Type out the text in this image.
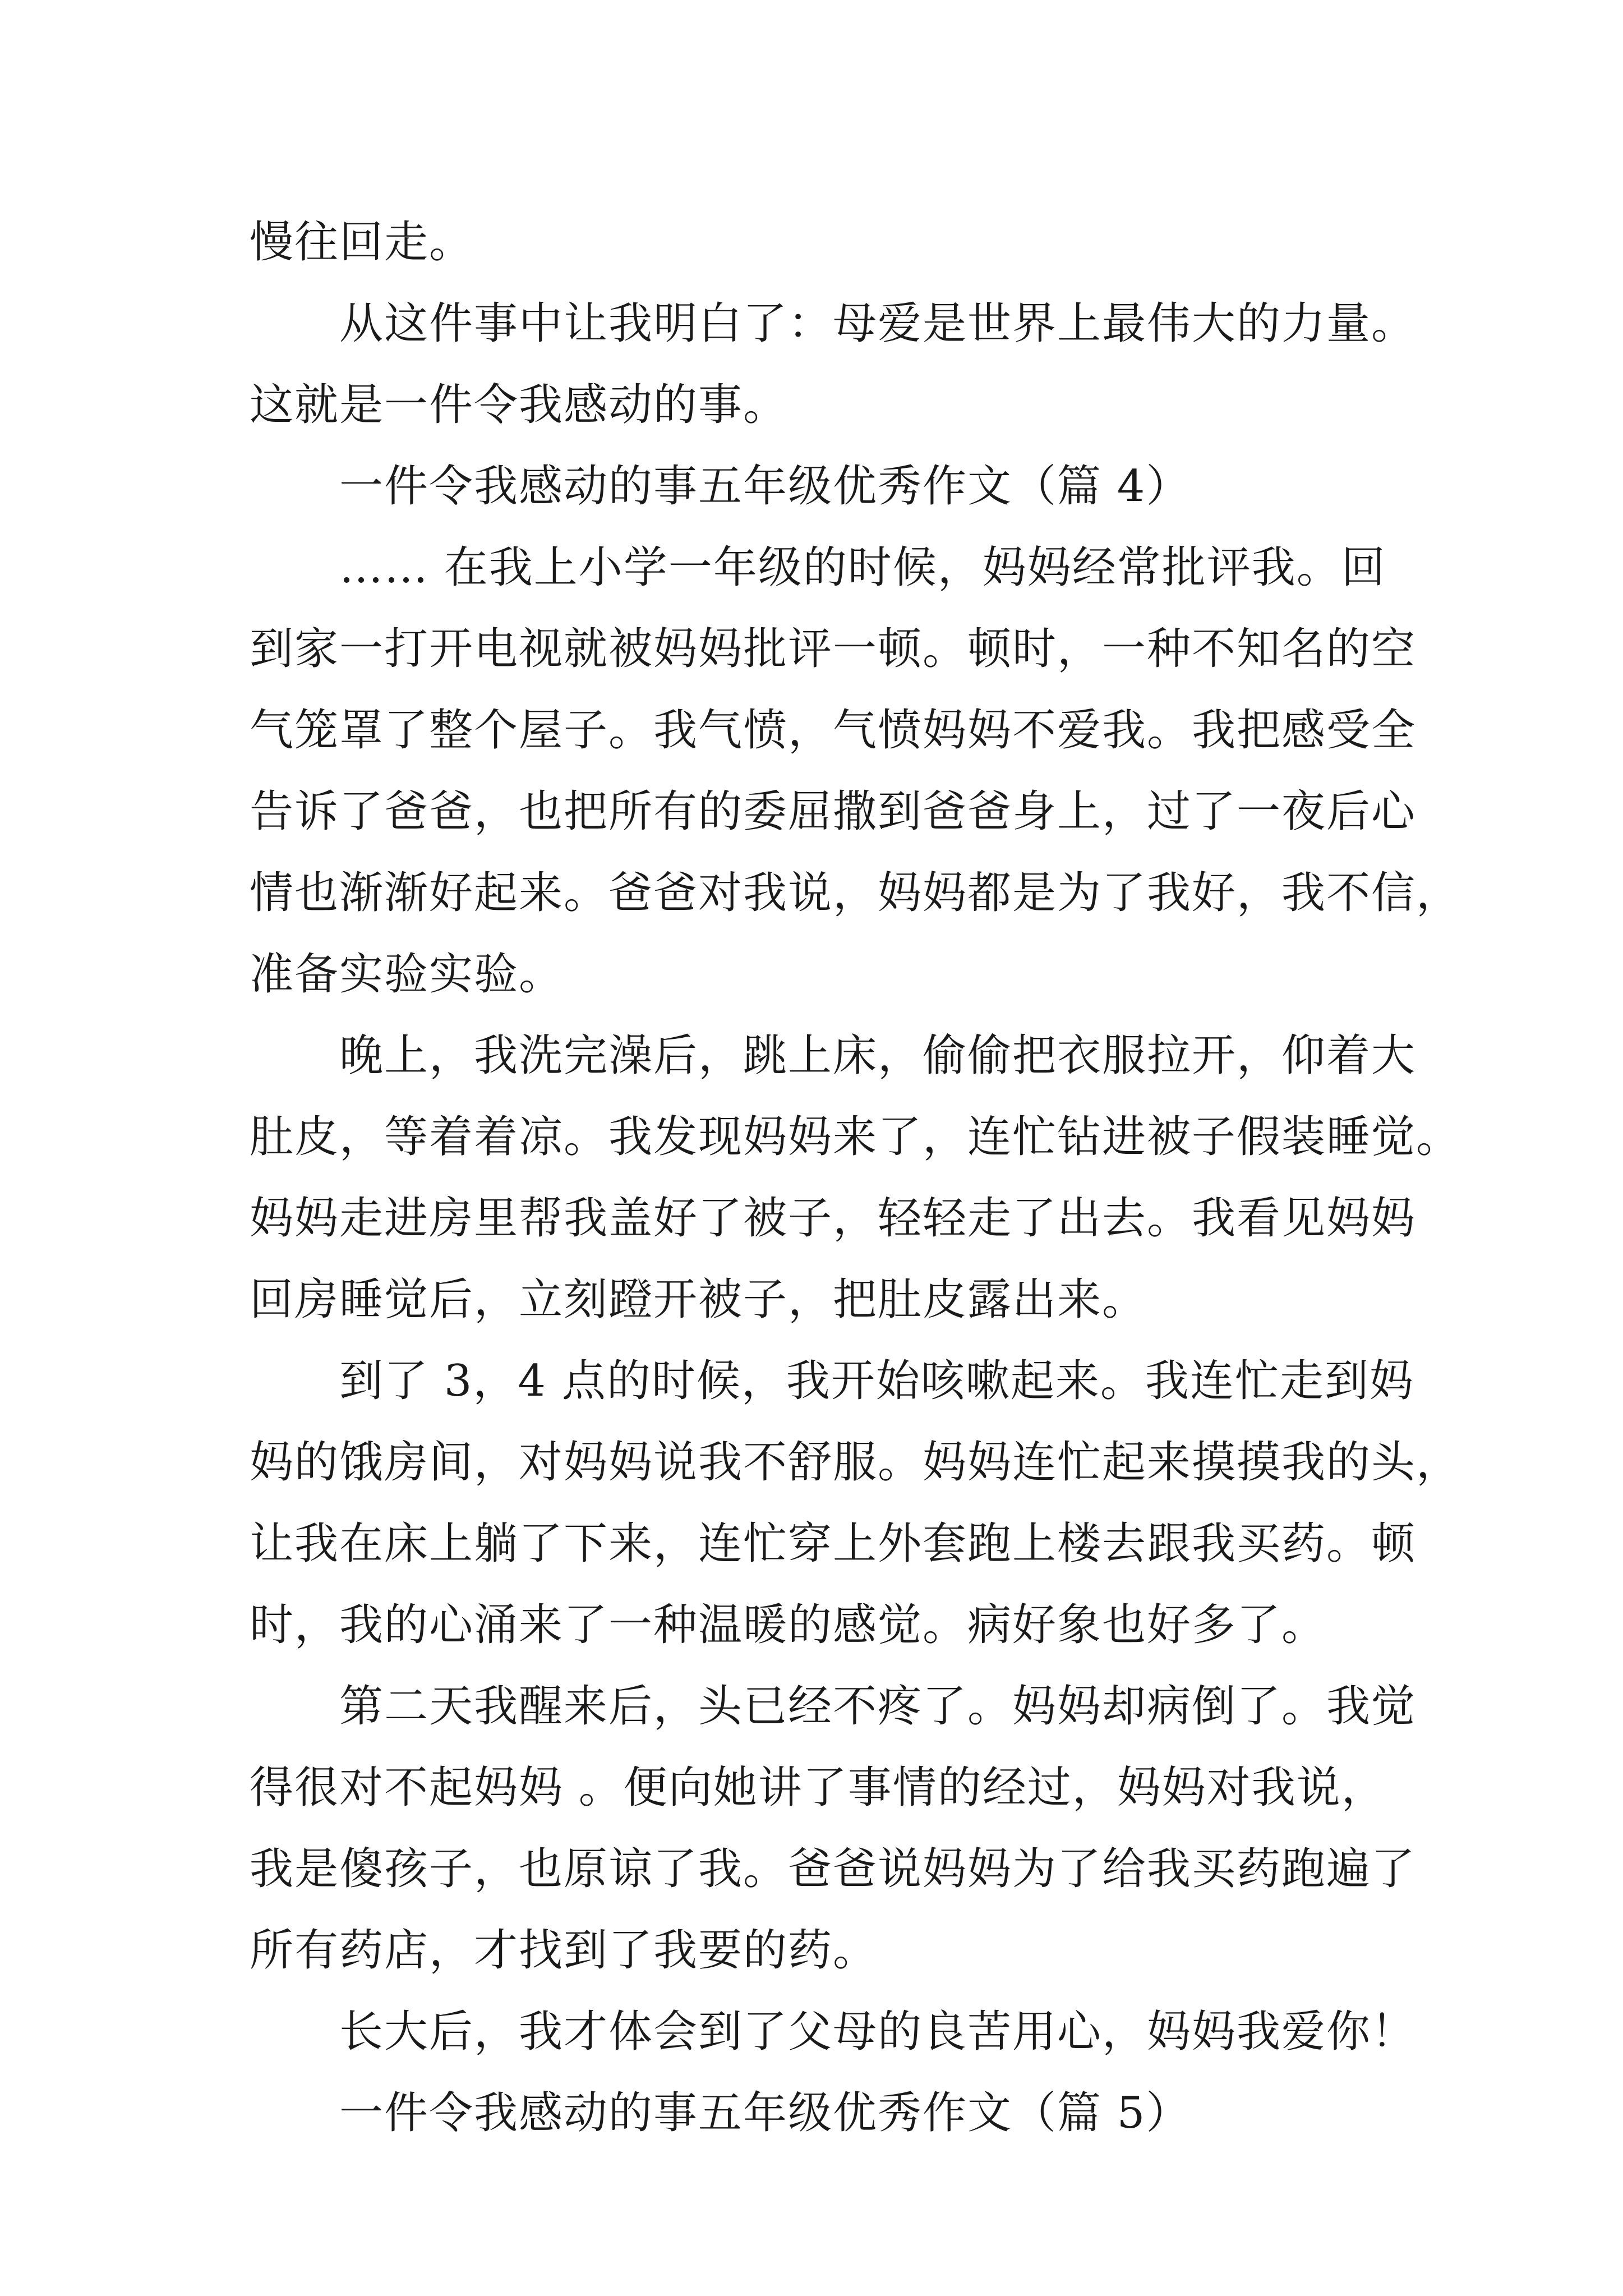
慢往回走。
从这件事中让我明白了：母爱是世界上最伟大的力量。
这就是一件令我感动的事。
一件令我感动的事五年级优秀作文（篇 4）
…… 在我上小学一年级的时候，妈妈经常批评我。回
到家一打开电视就被妈妈批评一顿。顿时，一种不知名的空
气笼罩了整个屋子。我气愤，气愤妈妈不爱我。我把感受全
告诉了爸爸，也把所有的委屈撒到爸爸身上，过了一夜后心
情也渐渐好起来。爸爸对我说，妈妈都是为了我好，我不信，
准备实验实验。
晚上，我洗完澡后，跳上床，偷偷把衣服拉开，仰着大
肚皮，等着着凉。我发现妈妈来了，连忙钻进被子假装睡觉。
妈妈走进房里帮我盖好了被子，轻轻走了出去。我看见妈妈
回房睡觉后，立刻蹬开被子，把肚皮露出来。
到了 3，4 点的时候，我开始咳嗽起来。我连忙走到妈
妈的饿房间，对妈妈说我不舒服。妈妈连忙起来摸摸我的头，
让我在床上躺了下来，连忙穿上外套跑上楼去跟我买药。顿
时，我的心涌来了一种温暖的感觉。病好象也好多了。
第二天我醒来后，头已经不疼了。妈妈却病倒了。我觉
得很对不起妈妈 。便向她讲了事情的经过，妈妈对我说，
我是傻孩子，也原谅了我。爸爸说妈妈为了给我买药跑遍了
所有药店，才找到了我要的药。
长大后，我才体会到了父母的良苦用心，妈妈我爱你！
一件令我感动的事五年级优秀作文（篇 5）
